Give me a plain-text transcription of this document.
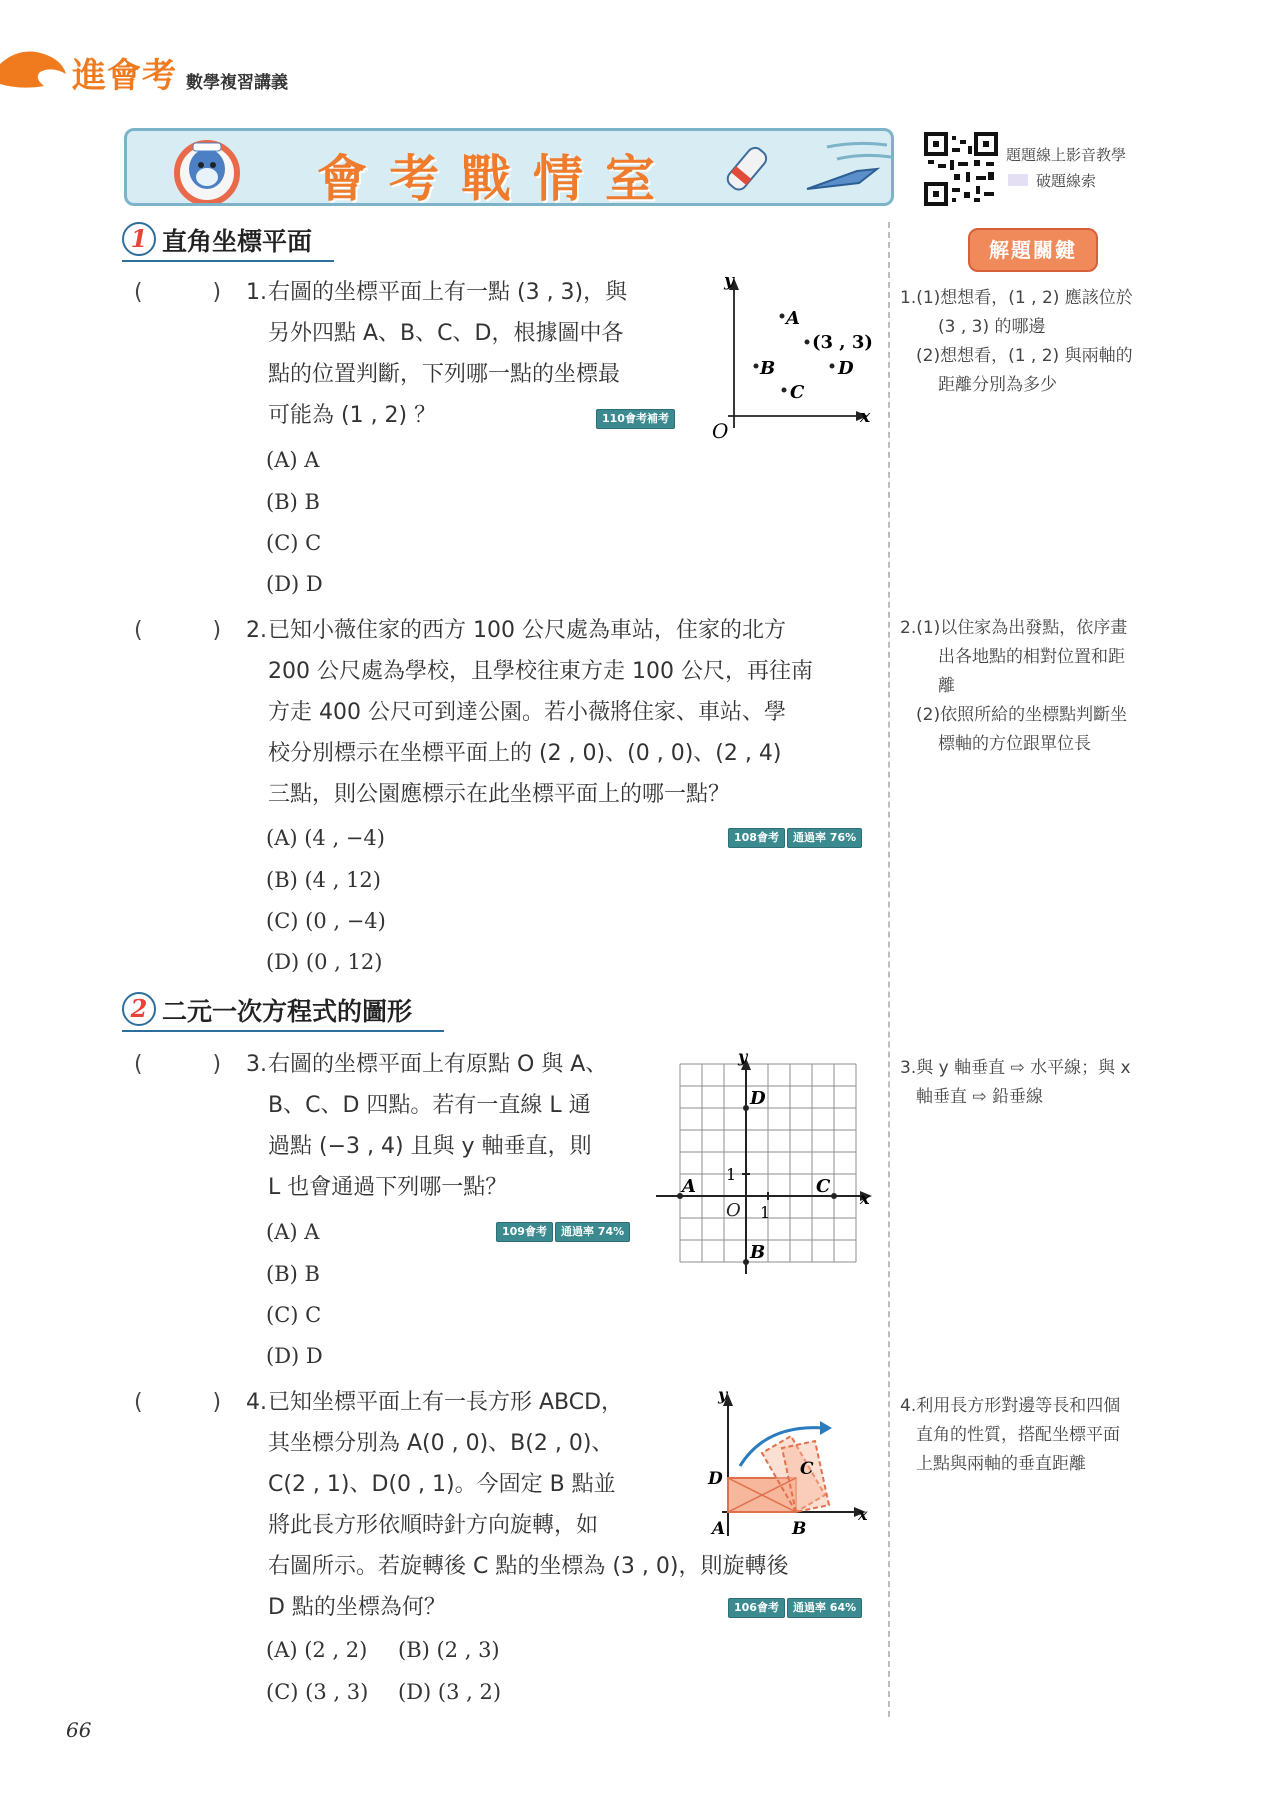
進會考 數學複習講義
會考戰情室	題題線上影音教學
破題線索
1 直角坐標平面	解題關鍵
(          ) 1. 右圖的坐標平面上有一點 (3 , 3)，與
另外四點 A、B、C、D，根據圖中各
點的位置判斷，下列哪一點的坐標最
可能為 (1 , 2) ？	110會考補考
(A) A
(B) B
(C) C
(D) D
y
x
O
A
(3 , 3)
B	D
C
1.(1)想想看，(1 , 2) 應該位於
(3 , 3) 的哪邊
(2)想想看，(1 , 2) 與兩軸的
距離分別為多少
(          ) 2. 已知小薇住家的西方 100 公尺處為車站，住家的北方
200 公尺處為學校，且學校往東方走 100 公尺，再往南
方走 400 公尺可到達公園。若小薇將住家、車站、學
校分別標示在坐標平面上的 (2 , 0)、(0 , 0)、(2 , 4)
三點，則公園應標示在此坐標平面上的哪一點？
108會考	通過率 76%
(A) (4 , −4)
(B) (4 , 12)
(C) (0 , −4)
(D) (0 , 12)
2.(1)以住家為出發點，依序畫
出各地點的相對位置和距
離
(2)依照所給的坐標點判斷坐
標軸的方位跟單位長
2 二元一次方程式的圖形
(          ) 3. 右圖的坐標平面上有原點 O 與 A、
B、C、D 四點。若有一直線 L 通
過點 (−3 , 4) 且與 y 軸垂直，則
L 也會通過下列哪一點？
109會考	通過率 74%
(A) A
(B) B
(C) C
(D) D
y
x
O 1
1
D
A	C
B
3.與 y 軸垂直 ⇨ 水平線；與 x
軸垂直 ⇨ 鉛垂線
(          ) 4. 已知坐標平面上有一長方形 ABCD，
其坐標分別為 A(0 , 0)、B(2 , 0)、
C(2 , 1)、D(0 , 1)。今固定 B 點並
將此長方形依順時針方向旋轉，如
右圖所示。若旋轉後 C 點的坐標為 (3 , 0)，則旋轉後
D 點的坐標為何？	106會考	通過率 64%
(A) (2 , 2) (B) (2 , 3)
(C) (3 , 3) (D) (3 , 2)
y
x
D	C
A	B
4.利用長方形對邊等長和四個
直角的性質，搭配坐標平面
上點與兩軸的垂直距離
66
